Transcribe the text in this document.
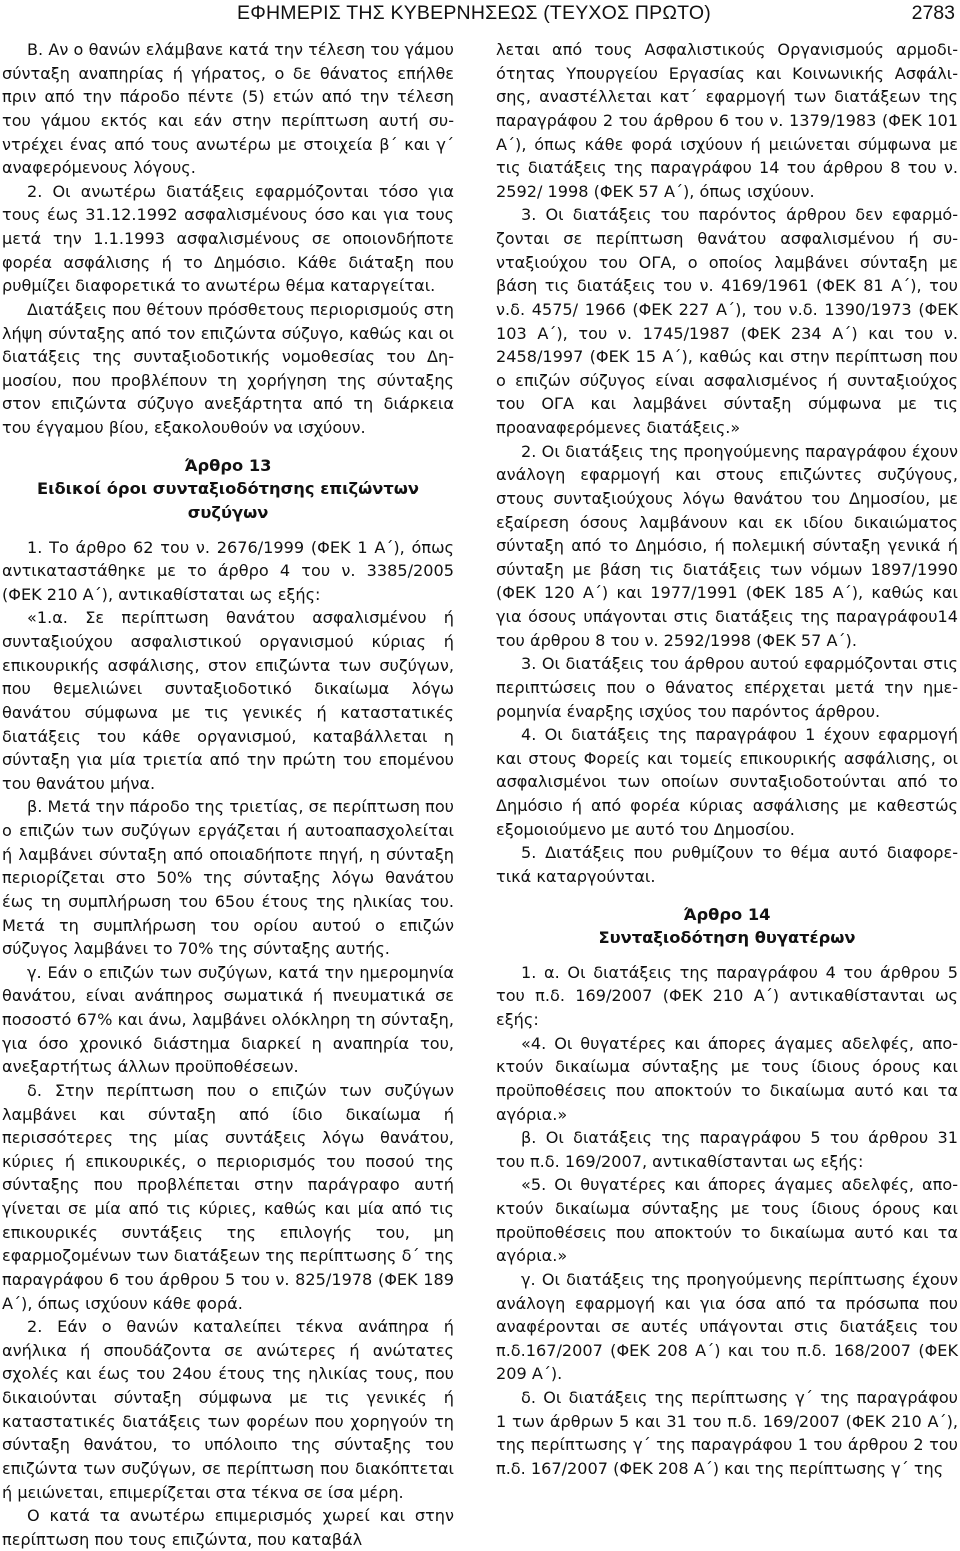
ΕΦΗΜΕΡΙΣ ΤΗΣ ΚΥΒΕΡΝΗΣΕΩΣ (ΤΕΥΧΟΣ ΠΡΩΤΟ)	2783

Β. Αν ο θανών ελάμβανε κατά την τέλεση του γάμου σύνταξη αναπηρίας ή γήρατος, ο δε θάνατος επήλθε πριν από την πάροδο πέντε (5) ετών από την τέλεση του γάμου εκτός και εάν στην περίπτωση αυτή συντρέχει ένας από τους ανωτέρω με στοιχεία β΄ και γ΄ αναφερόμενους λόγους.

2. Οι ανωτέρω διατάξεις εφαρμόζονται τόσο για τους έως 31.12.1992 ασφαλισμένους όσο και για τους μετά την 1.1.1993 ασφαλισμένους σε οποιονδήποτε φορέα ασφάλισης ή το Δημόσιο. Κάθε διάταξη που ρυθμίζει διαφορετικά το ανωτέρω θέμα καταργείται.

Διατάξεις που θέτουν πρόσθετους περιορισμούς στη λήψη σύνταξης από τον επιζώντα σύζυγο, καθώς και οι διατάξεις της συνταξιοδοτικής νομοθεσίας του Δημοσίου, που προβλέπουν τη χορήγηση της σύνταξης στον επιζώντα σύζυγο ανεξάρτητα από τη διάρκεια του έγγαμου βίου, εξακολουθούν να ισχύουν.

Άρθρο 13
Ειδικοί όροι συνταξιοδότησης επιζώντων συζύγων

1. Το άρθρο 62 του ν. 2676/1999 (ΦΕΚ 1 Α΄), όπως αντικαταστάθηκε με το άρθρο 4 του ν. 3385/2005 (ΦΕΚ 210 Α΄), αντικαθίσταται ως εξής:

«1.α. Σε περίπτωση θανάτου ασφαλισμένου ή συνταξιούχου ασφαλιστικού οργανισμού κύριας ή επικουρικής ασφάλισης, στον επιζώντα των συζύγων, που θεμελιώνει συνταξιοδοτικό δικαίωμα λόγω θανάτου σύμφωνα με τις γενικές ή καταστατικές διατάξεις του κάθε οργανισμού, καταβάλλεται η σύνταξη για μία τριετία από την πρώτη του επομένου του θανάτου μήνα.

β. Μετά την πάροδο της τριετίας, σε περίπτωση που ο επιζών των συζύγων εργάζεται ή αυτοαπασχολείται ή λαμβάνει σύνταξη από οποιαδήποτε πηγή, η σύνταξη περιορίζεται στο 50% της σύνταξης λόγω θανάτου έως τη συμπλήρωση του 65ου έτους της ηλικίας του. Μετά τη συμπλήρωση του ορίου αυτού ο επιζών σύζυγος λαμβάνει το 70% της σύνταξης αυτής.

γ. Εάν ο επιζών των συζύγων, κατά την ημερομηνία θανάτου, είναι ανάπηρος σωματικά ή πνευματικά σε ποσοστό 67% και άνω, λαμβάνει ολόκληρη τη σύνταξη, για όσο χρονικό διάστημα διαρκεί η αναπηρία του, ανεξαρτήτως άλλων προϋποθέσεων.

δ. Στην περίπτωση που ο επιζών των συζύγων λαμβάνει και σύνταξη από ίδιο δικαίωμα ή περισσότερες της μίας συντάξεις λόγω θανάτου, κύριες ή επικουρικές, ο περιορισμός του ποσού της σύνταξης που προβλέπεται στην παράγραφο αυτή γίνεται σε μία από τις κύριες, καθώς και μία από τις επικουρικές συντάξεις της επιλογής του, μη εφαρμοζομένων των διατάξεων της περίπτωσης δ΄ της παραγράφου 6 του άρθρου 5 του ν. 825/1978 (ΦΕΚ 189 Α΄), όπως ισχύουν κάθε φορά.

2. Εάν ο θανών καταλείπει τέκνα ανάπηρα ή ανήλικα ή σπουδάζοντα σε ανώτερες ή ανώτατες σχολές και έως του 24ου έτους της ηλικίας τους, που δικαιούνται σύνταξη σύμφωνα με τις γενικές ή καταστατικές διατάξεις των φορέων που χορηγούν τη σύνταξη θανάτου, το υπόλοιπο της σύνταξης του επιζώντα των συζύγων, σε περίπτωση που διακόπτεται ή μειώνεται, επιμερίζεται στα τέκνα σε ίσα μέρη.

Ο κατά τα ανωτέρω επιμερισμός χωρεί και στην περίπτωση που τους επιζώντα, που καταβάλ

λεται από τους Ασφαλιστικούς Οργανισμούς αρμοδιότητας Υπουργείου Εργασίας και Κοινωνικής Ασφάλισης, αναστέλλεται κατ΄ εφαρμογή των διατάξεων της παραγράφου 2 του άρθρου 6 του ν. 1379/1983 (ΦΕΚ 101 Α΄), όπως κάθε φορά ισχύουν ή μειώνεται σύμφωνα με τις διατάξεις της παραγράφου 14 του άρθρου 8 του ν. 2592/ 1998 (ΦΕΚ 57 Α΄), όπως ισχύουν.

3. Οι διατάξεις του παρόντος άρθρου δεν εφαρμόζονται σε περίπτωση θανάτου ασφαλισμένου ή συνταξιούχου του ΟΓΑ, ο οποίος λαμβάνει σύνταξη με βάση τις διατάξεις του ν. 4169/1961 (ΦΕΚ 81 Α΄), του ν.δ. 4575/ 1966 (ΦΕΚ 227 Α΄), του ν.δ. 1390/1973 (ΦΕΚ 103 Α΄), του ν. 1745/1987 (ΦΕΚ 234 Α΄) και του ν. 2458/1997 (ΦΕΚ 15 Α΄), καθώς και στην περίπτωση που ο επιζών σύζυγος είναι ασφαλισμένος ή συνταξιούχος του ΟΓΑ και λαμβάνει σύνταξη σύμφωνα με τις προαναφερόμενες διατάξεις.»

2. Οι διατάξεις της προηγούμενης παραγράφου έχουν ανάλογη εφαρμογή και στους επιζώντες συζύγους, στους συνταξιούχους λόγω θανάτου του Δημοσίου, με εξαίρεση όσους λαμβάνουν και εκ ιδίου δικαιώματος σύνταξη από το Δημόσιο, ή πολεμική σύνταξη γενικά ή σύνταξη με βάση τις διατάξεις των νόμων 1897/1990 (ΦΕΚ 120 Α΄) και 1977/1991 (ΦΕΚ 185 Α΄), καθώς και για όσους υπάγονται στις διατάξεις της παραγράφου14 του άρθρου 8 του ν. 2592/1998 (ΦΕΚ 57 Α΄).

3. Οι διατάξεις του άρθρου αυτού εφαρμόζονται στις περιπτώσεις που ο θάνατος επέρχεται μετά την ημερομηνία έναρξης ισχύος του παρόντος άρθρου.

4. Οι διατάξεις της παραγράφου 1 έχουν εφαρμογή και στους Φορείς και τομείς επικουρικής ασφάλισης, οι ασφαλισμένοι των οποίων συνταξιοδοτούνται από το Δημόσιο ή από φορέα κύριας ασφάλισης με καθεστώς εξομοιούμενο με αυτό του Δημοσίου.

5. Διατάξεις που ρυθμίζουν το θέμα αυτό διαφορετικά καταργούνται.

Άρθρο 14
Συνταξιοδότηση θυγατέρων

1. α. Οι διατάξεις της παραγράφου 4 του άρθρου 5 του π.δ. 169/2007 (ΦΕΚ 210 Α΄) αντικαθίστανται ως εξής:

«4. Οι θυγατέρες και άπορες άγαμες αδελφές, αποκτούν δικαίωμα σύνταξης με τους ίδιους όρους και προϋποθέσεις που αποκτούν το δικαίωμα αυτό και τα αγόρια.»

β. Οι διατάξεις της παραγράφου 5 του άρθρου 31 του π.δ. 169/2007, αντικαθίστανται ως εξής:

«5. Οι θυγατέρες και άπορες άγαμες αδελφές, αποκτούν δικαίωμα σύνταξης με τους ίδιους όρους και προϋποθέσεις που αποκτούν το δικαίωμα αυτό και τα αγόρια.»

γ. Οι διατάξεις της προηγούμενης περίπτωσης έχουν ανάλογη εφαρμογή και για όσα από τα πρόσωπα που αναφέρονται σε αυτές υπάγονται στις διατάξεις του π.δ.167/2007 (ΦΕΚ 208 Α΄) και του π.δ. 168/2007 (ΦΕΚ 209 Α΄).

δ. Οι διατάξεις της περίπτωσης γ΄ της παραγράφου 1 των άρθρων 5 και 31 του π.δ. 169/2007 (ΦΕΚ 210 Α΄), της περίπτωσης γ΄ της παραγράφου 1 του άρθρου 2 του π.δ. 167/2007 (ΦΕΚ 208 Α΄) και της περίπτωσης γ΄ της
